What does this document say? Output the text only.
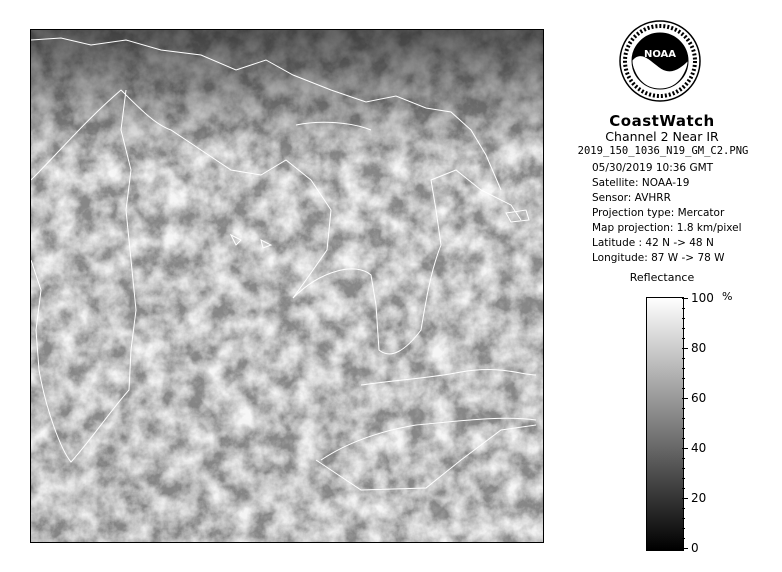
NOAA
CoastWatch
Channel 2 Near IR
2019_150_1036_N19_GM_C2.PNG
05/30/2019 10:36 GMT
Satellite: NOAA-19
Sensor: AVHRR
Projection type: Mercator
Map projection: 1.8 km/pixel
Latitude : 42 N -> 48 N
Longitude: 87 W -> 78 W
Reflectance
%
100
80
60
40
20
0
